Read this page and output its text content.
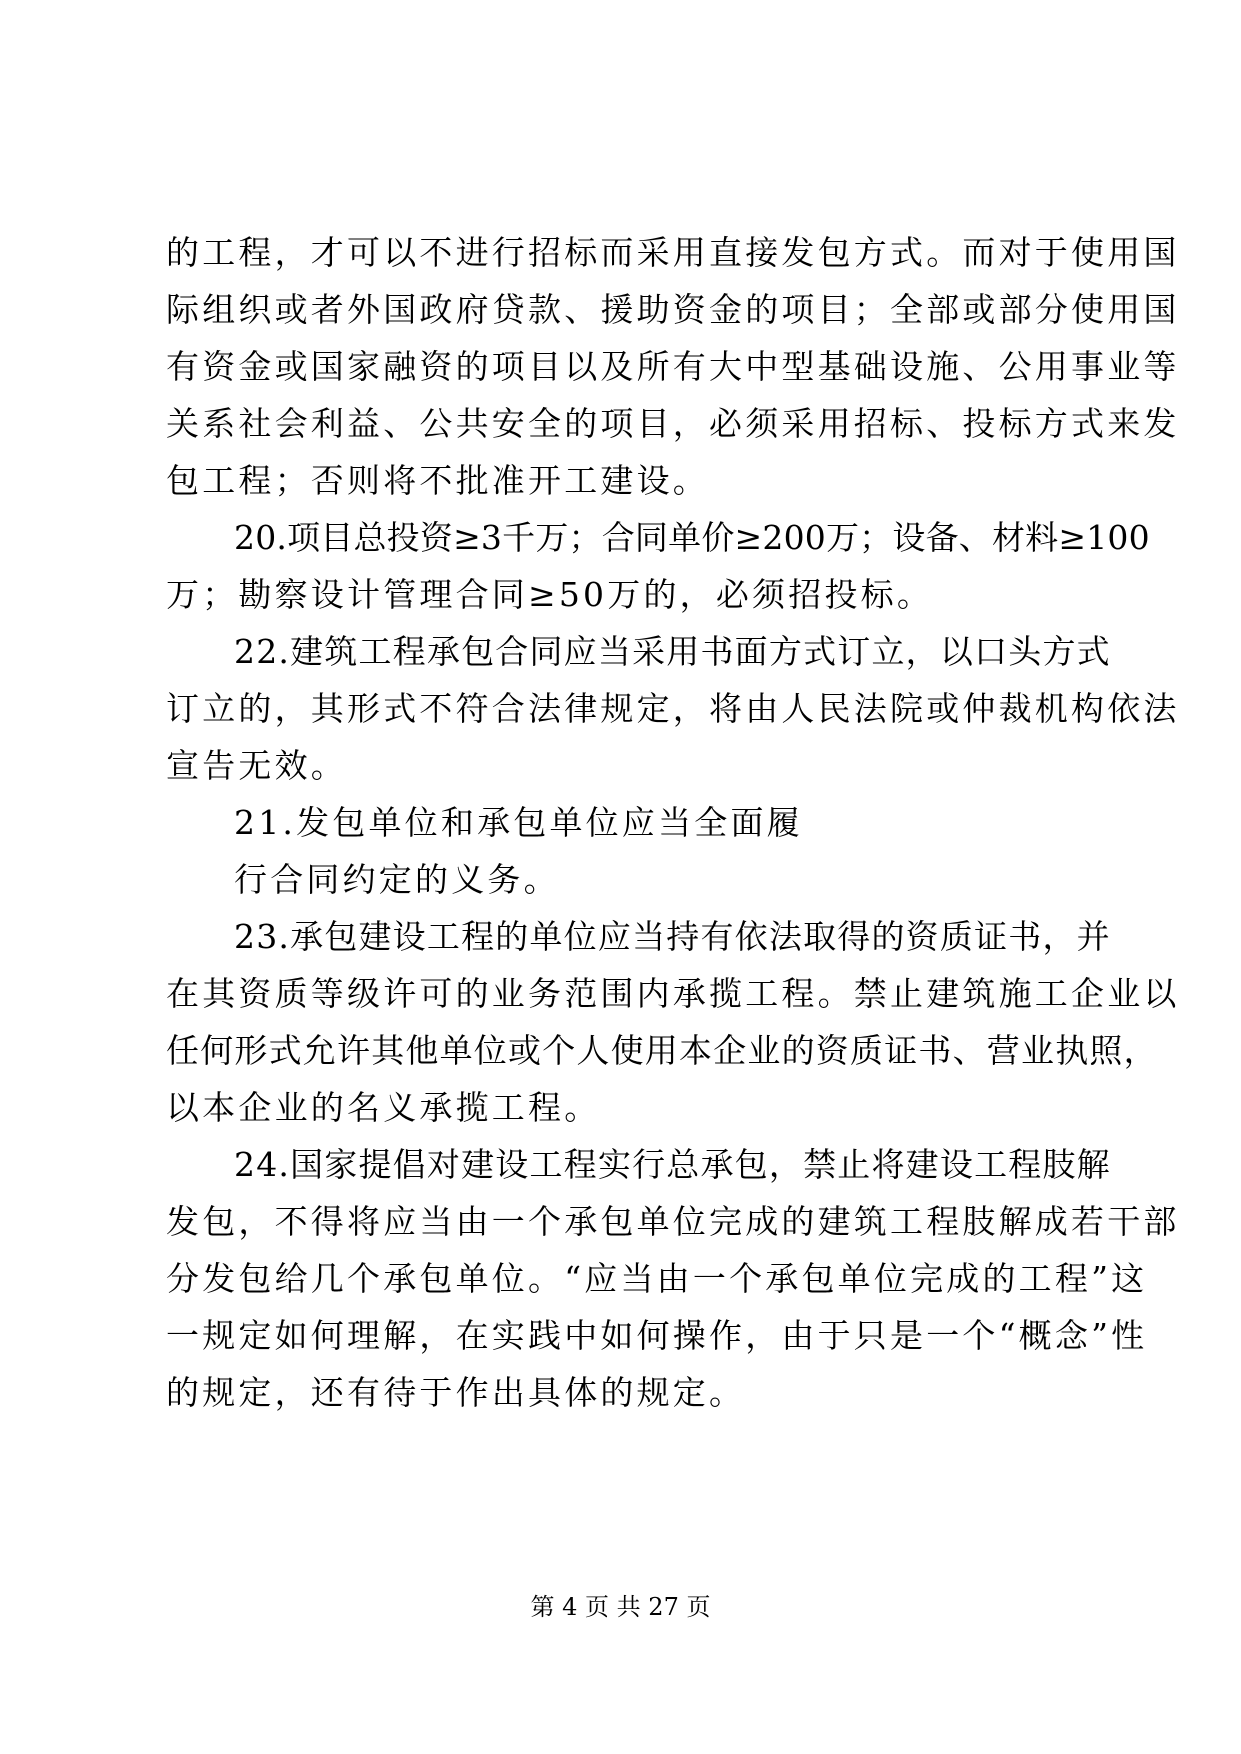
的工程，才可以不进行招标而采用直接发包方式。而对于使用国
际组织或者外国政府贷款、援助资金的项目；全部或部分使用国
有资金或国家融资的项目以及所有大中型基础设施、公用事业等
关系社会利益、公共安全的项目，必须采用招标、投标方式来发
包工程；否则将不批准开工建设。
20.项目总投资≥3千万；合同单价≥200万；设备、材料≥100
万；勘察设计管理合同≥50万的，必须招投标。
22.建筑工程承包合同应当采用书面方式订立，以口头方式
订立的，其形式不符合法律规定，将由人民法院或仲裁机构依法
宣告无效。
21.发包单位和承包单位应当全面履
行合同约定的义务。
23.承包建设工程的单位应当持有依法取得的资质证书，并
在其资质等级许可的业务范围内承揽工程。禁止建筑施工企业以
任何形式允许其他单位或个人使用本企业的资质证书、营业执照，
以本企业的名义承揽工程。
24.国家提倡对建设工程实行总承包，禁止将建设工程肢解
发包，不得将应当由一个承包单位完成的建筑工程肢解成若干部
分发包给几个承包单位。“应当由一个承包单位完成的工程”这
一规定如何理解，在实践中如何操作，由于只是一个“概念”性
的规定，还有待于作出具体的规定。
第 4 页 共 27 页
